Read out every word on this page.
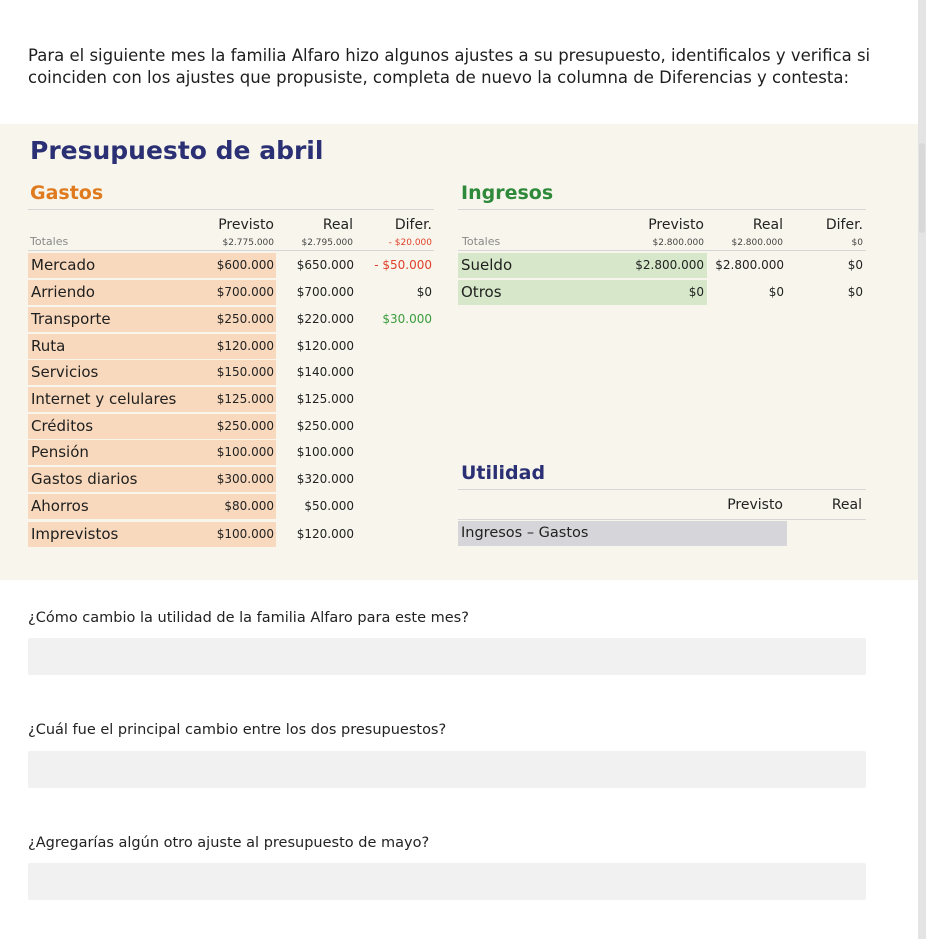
Para el siguiente mes la familia Alfaro hizo algunos ajustes a su presupuesto, identificalos y verifica si coinciden con los ajustes que propusiste, completa de nuevo la columna de Diferencias y contesta:
Presupuesto de abril
Gastos
Previsto	Real	Difer.
Totales	$2.775.000	$2.795.000	- $20.000
Mercado	$600.000	$650.000	- $50.000
Arriendo	$700.000	$700.000	$0
Transporte	$250.000	$220.000	$30.000
Ruta	$120.000	$120.000
Servicios	$150.000	$140.000
Internet y celulares	$125.000	$125.000
Créditos	$250.000	$250.000
Pensión	$100.000	$100.000
Gastos diarios	$300.000	$320.000
Ahorros	$80.000	$50.000
Imprevistos	$100.000	$120.000
Ingresos
Previsto	Real	Difer.
Totales	$2.800.000	$2.800.000	$0
Sueldo	$2.800.000 $2.800.000	$0
Otros	$0	$0	$0
Utilidad
Previsto	Real
Ingresos – Gastos
¿Cómo cambio la utilidad de la familia Alfaro para este mes?
¿Cuál fue el principal cambio entre los dos presupuestos?
¿Agregarías algún otro ajuste al presupuesto de mayo?
